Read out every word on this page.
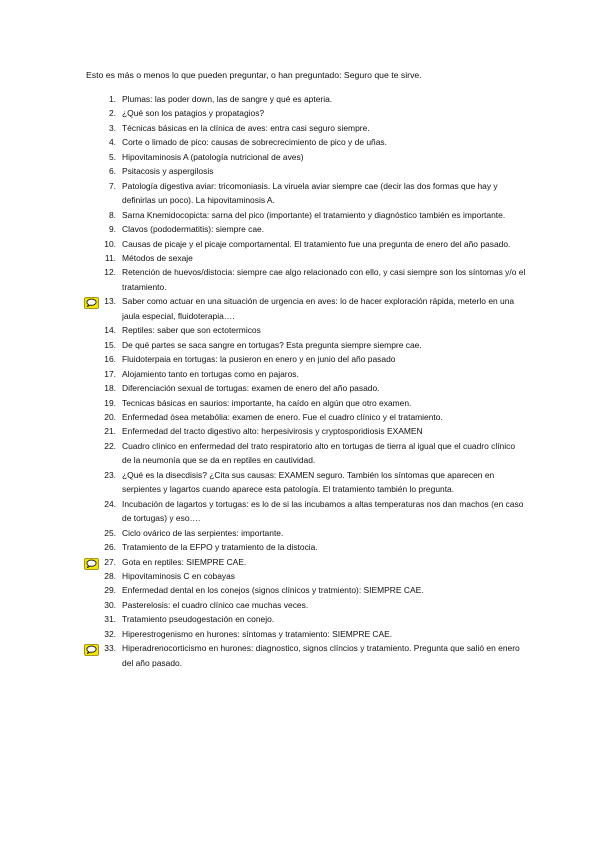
Esto es más o menos lo que pueden preguntar, o han preguntado: Seguro que te sirve.
1. Plumas: las poder down, las de sangre y qué es apteria.
2. ¿Qué son los patagios y propatagios?
3. Técnicas básicas en la clínica de aves: entra casi seguro siempre.
4. Corte o limado de pico: causas de sobrecrecimiento de pico y de uñas.
5. Hipovitaminosis A (patología nutricional de aves)
6. Psitacosis y aspergilosis
7. Patología digestiva aviar: tricomoniasis. La viruela aviar siempre cae (decir las dos formas que hay y definirlas un poco). La hipovitaminosis A.
8. Sarna Knemidocopicta: sarna del pico (importante) el tratamiento y diagnóstico también es importante.
9. Clavos (pododermatitis): siempre cae.
10. Causas de picaje y el picaje comportamental. El tratamiento fue una pregunta de enero del año pasado.
11. Métodos de sexaje
12. Retención de huevos/distocia: siempre cae algo relacionado con ello, y casi siempre son los síntomas y/o el tratamiento.
13. Saber como actuar en una situación de urgencia en aves: lo de hacer exploración rápida, meterlo en una jaula especial, fluidoterapia….
14. Reptiles: saber que son ectotermicos
15. De qué partes se saca sangre en tortugas? Esta pregunta siempre siempre cae.
16. Fluidoterpaia en tortugas: la pusieron en enero y en junio del año pasado
17. Alojamiento tanto en tortugas como en pajaros.
18. Diferenciación sexual de tortugas: examen de enero del año pasado.
19. Tecnicas básicas en saurios: importante, ha caído en algún que otro examen.
20. Enfermedad ósea metabólia: examen de enero. Fue el cuadro clínico y el tratamiento.
21. Enfermedad del tracto digestivo alto: herpesivirosis y cryptosporidiosis EXAMEN
22. Cuadro clínico en enfermedad del trato respiratorio alto en tortugas de tierra al igual que el cuadro clínico de la neumonía que se da en reptiles en cautividad.
23. ¿Qué es la disecdisis? ¿Cita sus causas: EXAMEN seguro. También los síntomas que aparecen en serpientes y lagartos cuando aparece esta patología. El tratamiento también lo pregunta.
24. Incubación de lagartos y tortugas: es lo de si las incubamos a altas temperaturas nos dan machos (en caso de tortugas) y eso….
25. Ciclo ovárico de las serpientes: importante.
26. Tratamiento de la EFPO y tratamiento de la distocia.
27. Gota en reptiles: SIEMPRE CAE.
28. Hipovitaminosis C en cobayas
29. Enfermedad dental en los conejos (signos clínicos y tratmiento): SIEMPRE CAE.
30. Pasterelosis: el cuadro clínico cae muchas veces.
31. Tratamiento pseudogestación en conejo.
32. Hiperestrogenismo en hurones: síntomas y tratamiento: SIEMPRE CAE.
33. Hiperadrenocorticismo en hurones: diagnostico, signos clíncios y tratamiento. Pregunta que salió en enero del año pasado.
